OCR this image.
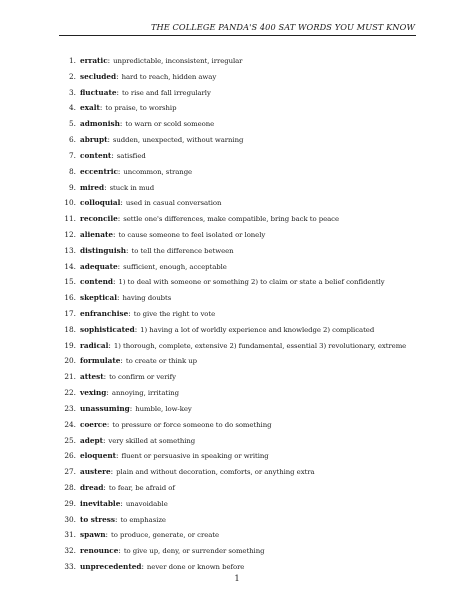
THE COLLEGE PANDA'S 400 SAT WORDS YOU MUST KNOW
1. erratic : unpredictable, inconsistent, irregular
2. secluded : hard to reach, hidden away
3. fluctuate : to rise and fall irregularly
4. exalt : to praise, to worship
5. admonish : to warn or scold someone
6. abrupt : sudden, unexpected, without warning
7. content : satisfied
8. eccentric : uncommon, strange
9. mired : stuck in mud
10. colloquial : used in casual conversation
11. reconcile : settle one's differences, make compatible, bring back to peace
12. alienate : to cause someone to feel isolated or lonely
13. distinguish : to tell the difference between
14. adequate : sufficient, enough, acceptable
15. contend : 1) to deal with someone or something 2) to claim or state a belief confidently
16. skeptical : having doubts
17. enfranchise : to give the right to vote
18. sophisticated : 1) having a lot of worldly experience and knowledge 2) complicated
19. radical : 1) thorough, complete, extensive 2) fundamental, essential 3) revolutionary, extreme
20. formulate : to create or think up
21. attest : to confirm or verify
22. vexing : annoying, irritating
23. unassuming : humble, low-key
24. coerce : to pressure or force someone to do something
25. adept : very skilled at something
26. eloquent : fluent or persuasive in speaking or writing
27. austere : plain and without decoration, comforts, or anything extra
28. dread : to fear, be afraid of
29. inevitable : unavoidable
30. to stress : to emphasize
31. spawn : to produce, generate, or create
32. renounce : to give up, deny, or surrender something
33. unprecedented : never done or known before
1
